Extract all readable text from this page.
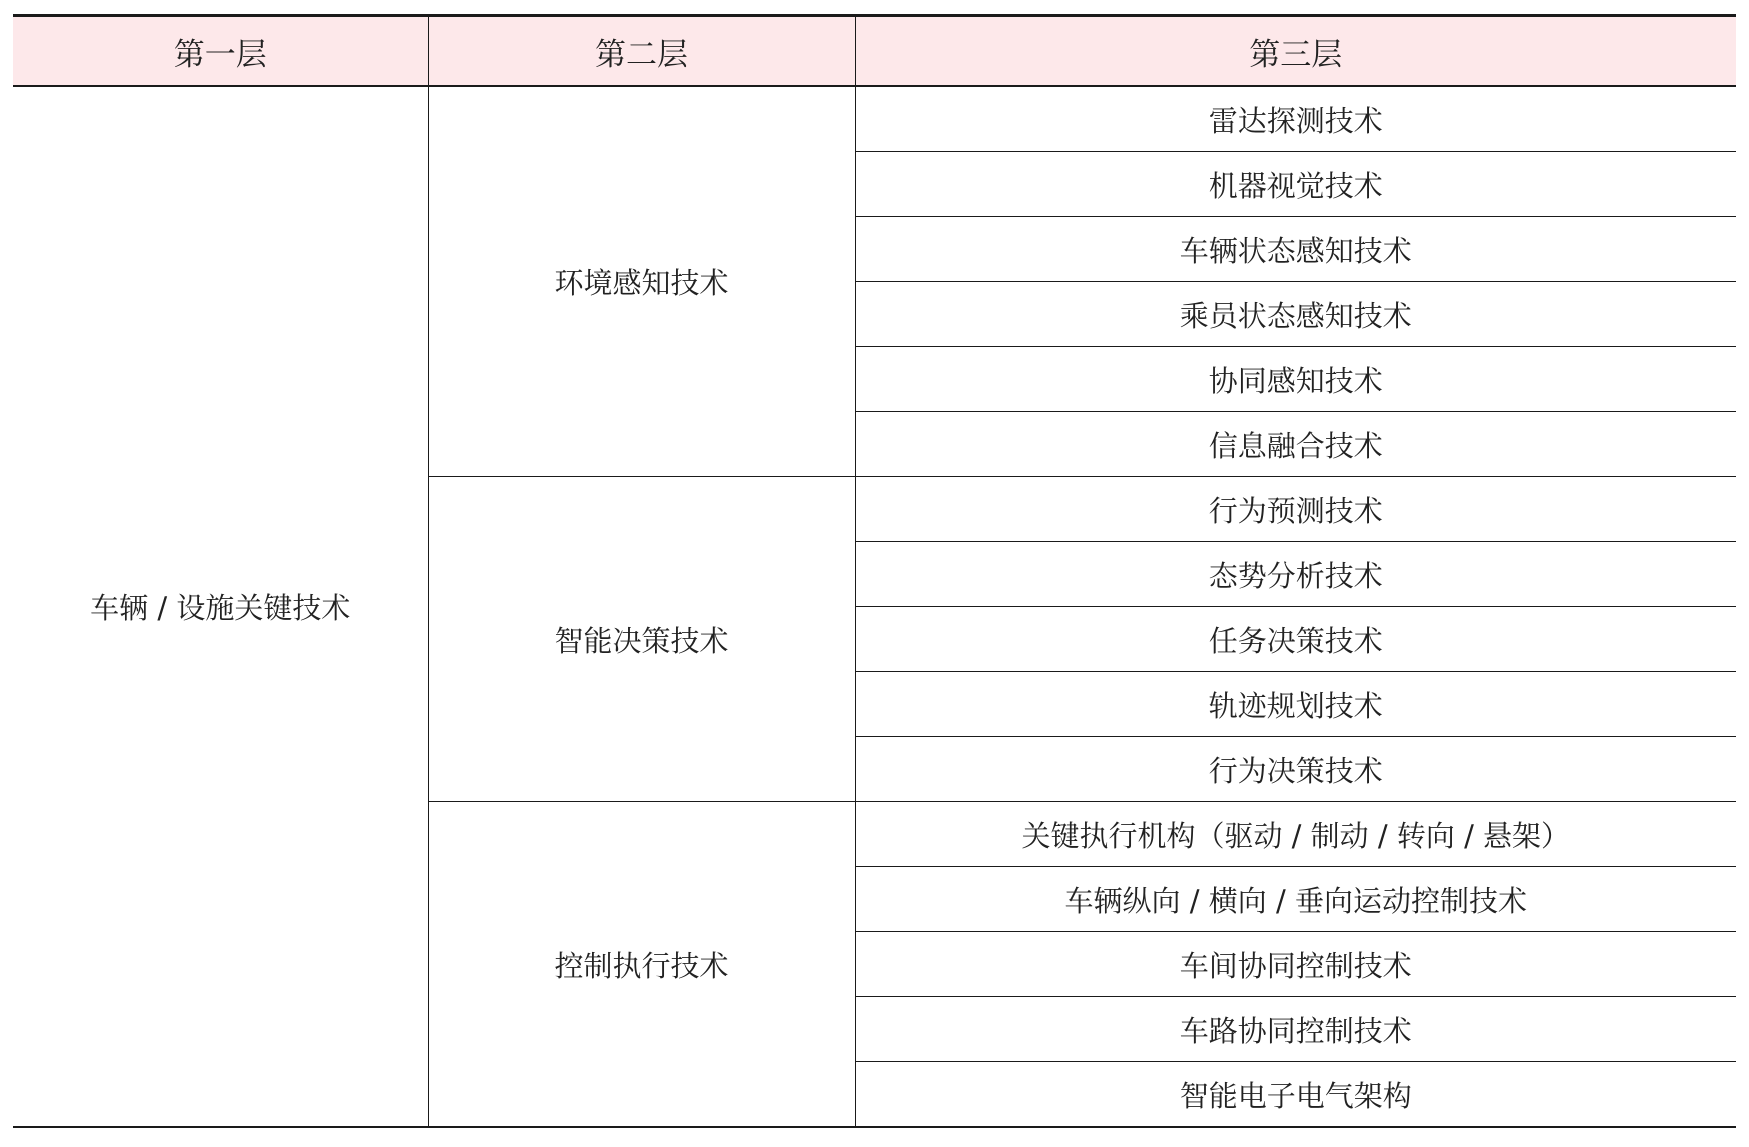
第一层	第二层	第三层
车辆 / 设施关键技术	环境感知技术	雷达探测技术
		机器视觉技术
		车辆状态感知技术
		乘员状态感知技术
		协同感知技术
		信息融合技术
	智能决策技术	行为预测技术
		态势分析技术
		任务决策技术
		轨迹规划技术
		行为决策技术
	控制执行技术	关键执行机构（驱动 / 制动 / 转向 / 悬架）
		车辆纵向 / 横向 / 垂向运动控制技术
		车间协同控制技术
		车路协同控制技术
		智能电子电气架构
